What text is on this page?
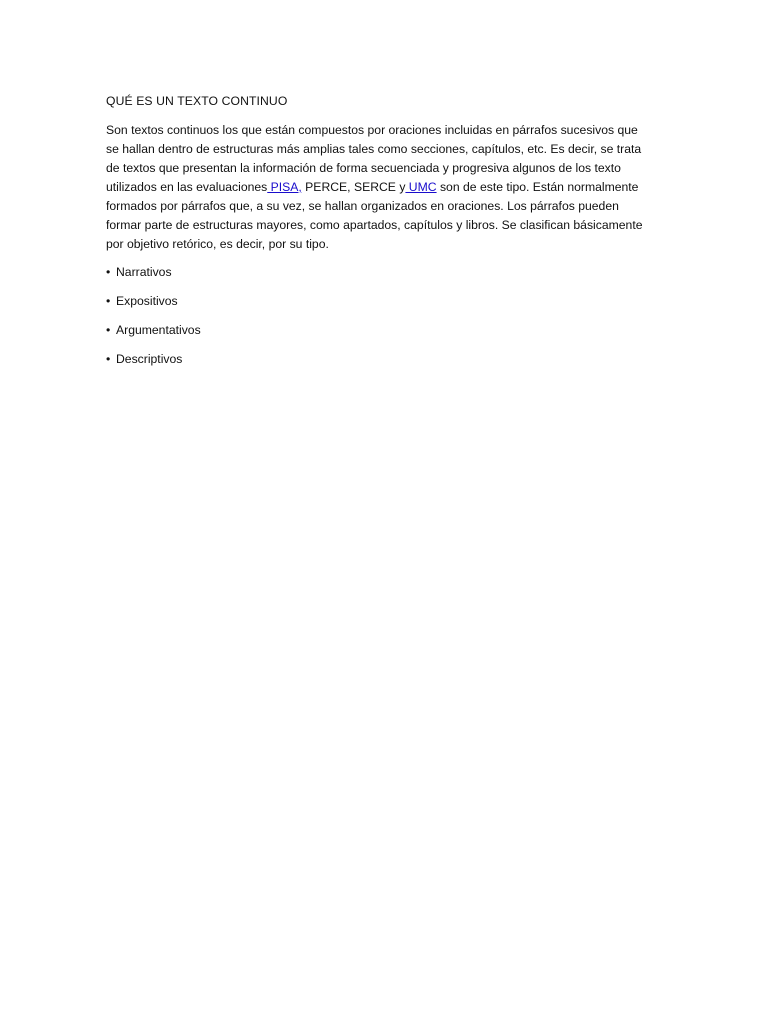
QUÉ ES UN TEXTO CONTINUO

Son textos continuos los que están compuestos por oraciones incluidas en párrafos sucesivos que
se hallan dentro de estructuras más amplias tales como secciones, capítulos, etc. Es decir, se trata
de textos que presentan la información de forma secuenciada y progresiva algunos de los texto
utilizados en las evaluaciones PISA, PERCE, SERCE y UMC son de este tipo. Están normalmente
formados por párrafos que, a su vez, se hallan organizados en oraciones. Los párrafos pueden
formar parte de estructuras mayores, como apartados, capítulos y libros. Se clasifican básicamente
por objetivo retórico, es decir, por su tipo.

• Narrativos
• Expositivos
• Argumentativos
• Descriptivos
